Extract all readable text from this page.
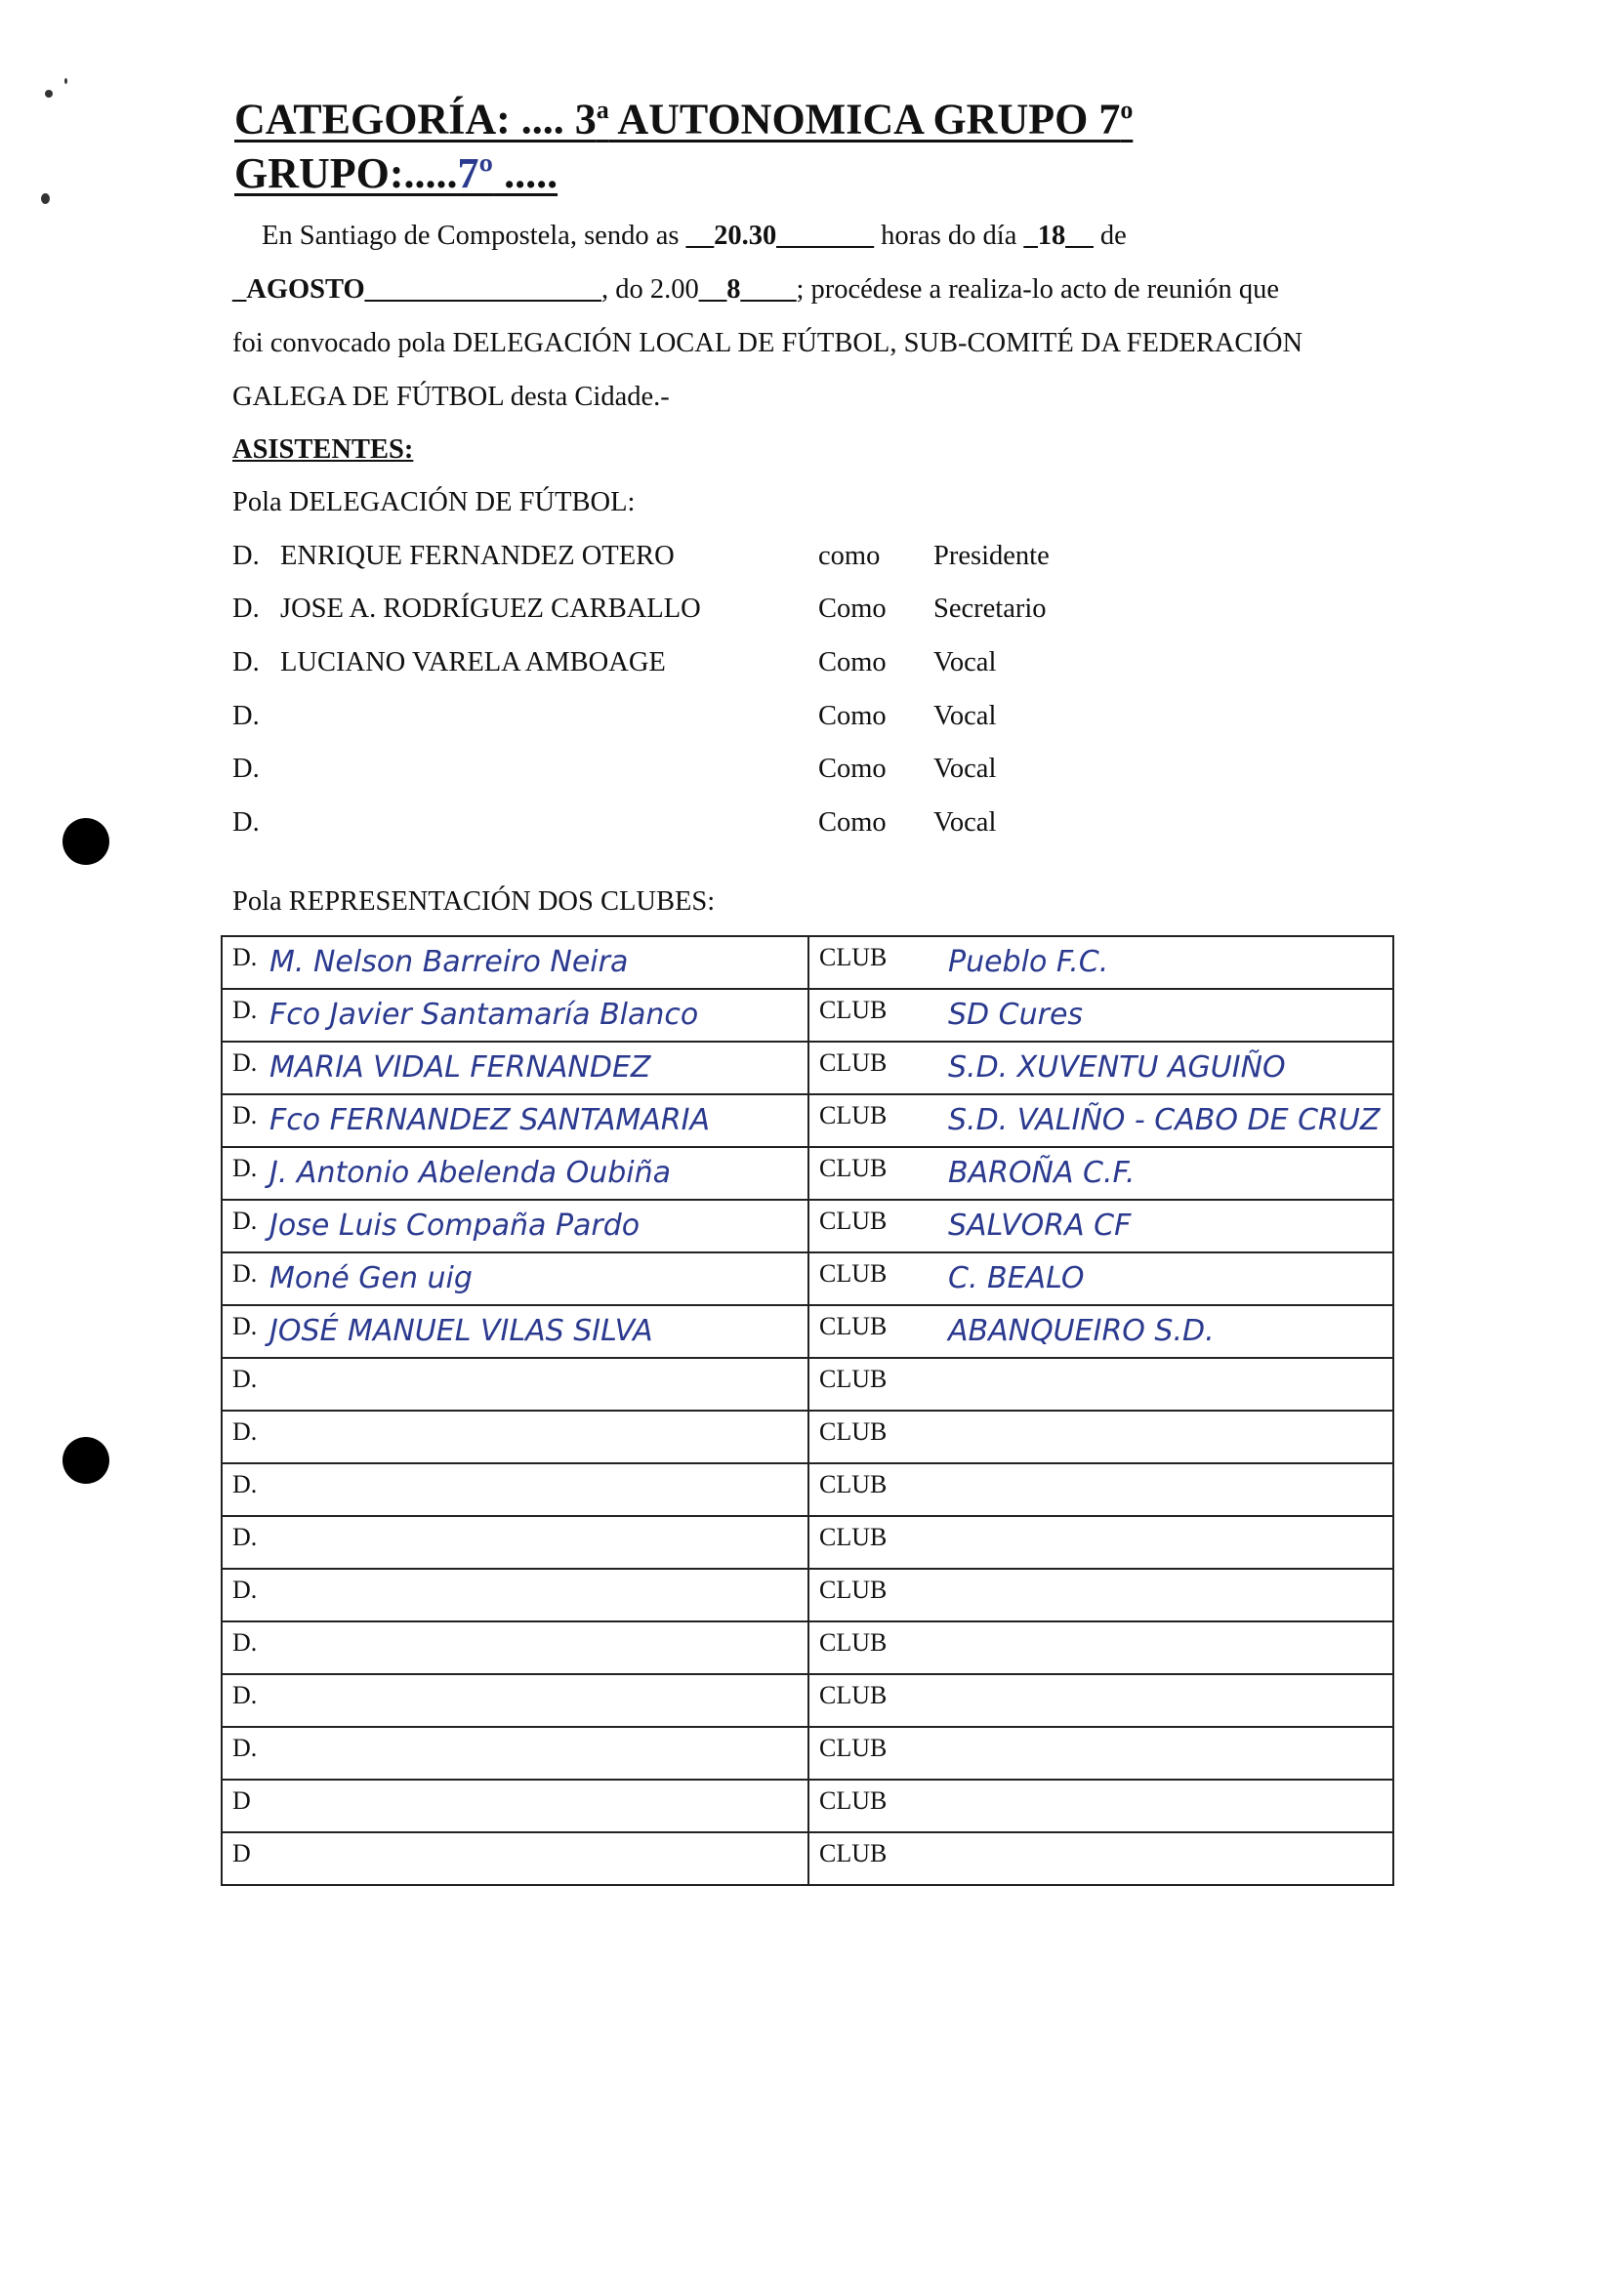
CATEGORÍA: .... 3$^a$ AUTONOMICA GRUPO 7$^o$
GRUPO:.....7º .....
En Santiago de Compostela, sendo as __20.30_______ horas do día _18__ de
_AGOSTO_________________, do 2.00__8____; procédese a realiza-lo acto de reunión que
foi convocado pola DELEGACIÓN LOCAL DE FÚTBOL, SUB-COMITÉ DA FEDERACIÓN
GALEGA DE FÚTBOL desta Cidade.-
ASISTENTES:
Pola DELEGACIÓN DE FÚTBOL:
D. ENRIQUE FERNANDEZ OTERO	como Presidente
D. JOSE A. RODRÍGUEZ CARBALLO	Como Secretario
D. LUCIANO VARELA AMBOAGE	Como Vocal
D.	Como Vocal
D.	Como Vocal
D.	Como Vocal
Pola REPRESENTACIÓN DOS CLUBES:
D. M. Nelson Barreiro Neira	CLUB Pueblo F.C.

D. Fco Javier Santamaría Blanco	CLUB SD Cures

D. MARIA VIDAL FERNANDEZ	CLUB S.D. XUVENTU AGUIÑO

D. Fco FERNANDEZ SANTAMARIA	CLUB S.D. VALIÑO - CABO DE CRUZ

D. J. Antonio Abelenda Oubiña	CLUB BAROÑA C.F.

D. Jose Luis Compaña Pardo	CLUB SALVORA CF

D. Moné Gen uig	CLUB C. BEALO

D. JOSÉ MANUEL VILAS SILVA	CLUB ABANQUEIRO S.D.

D.	CLUB

D.	CLUB

D.	CLUB

D.	CLUB

D.	CLUB

D.	CLUB

D.	CLUB

D.	CLUB

D	CLUB

D	CLUB
